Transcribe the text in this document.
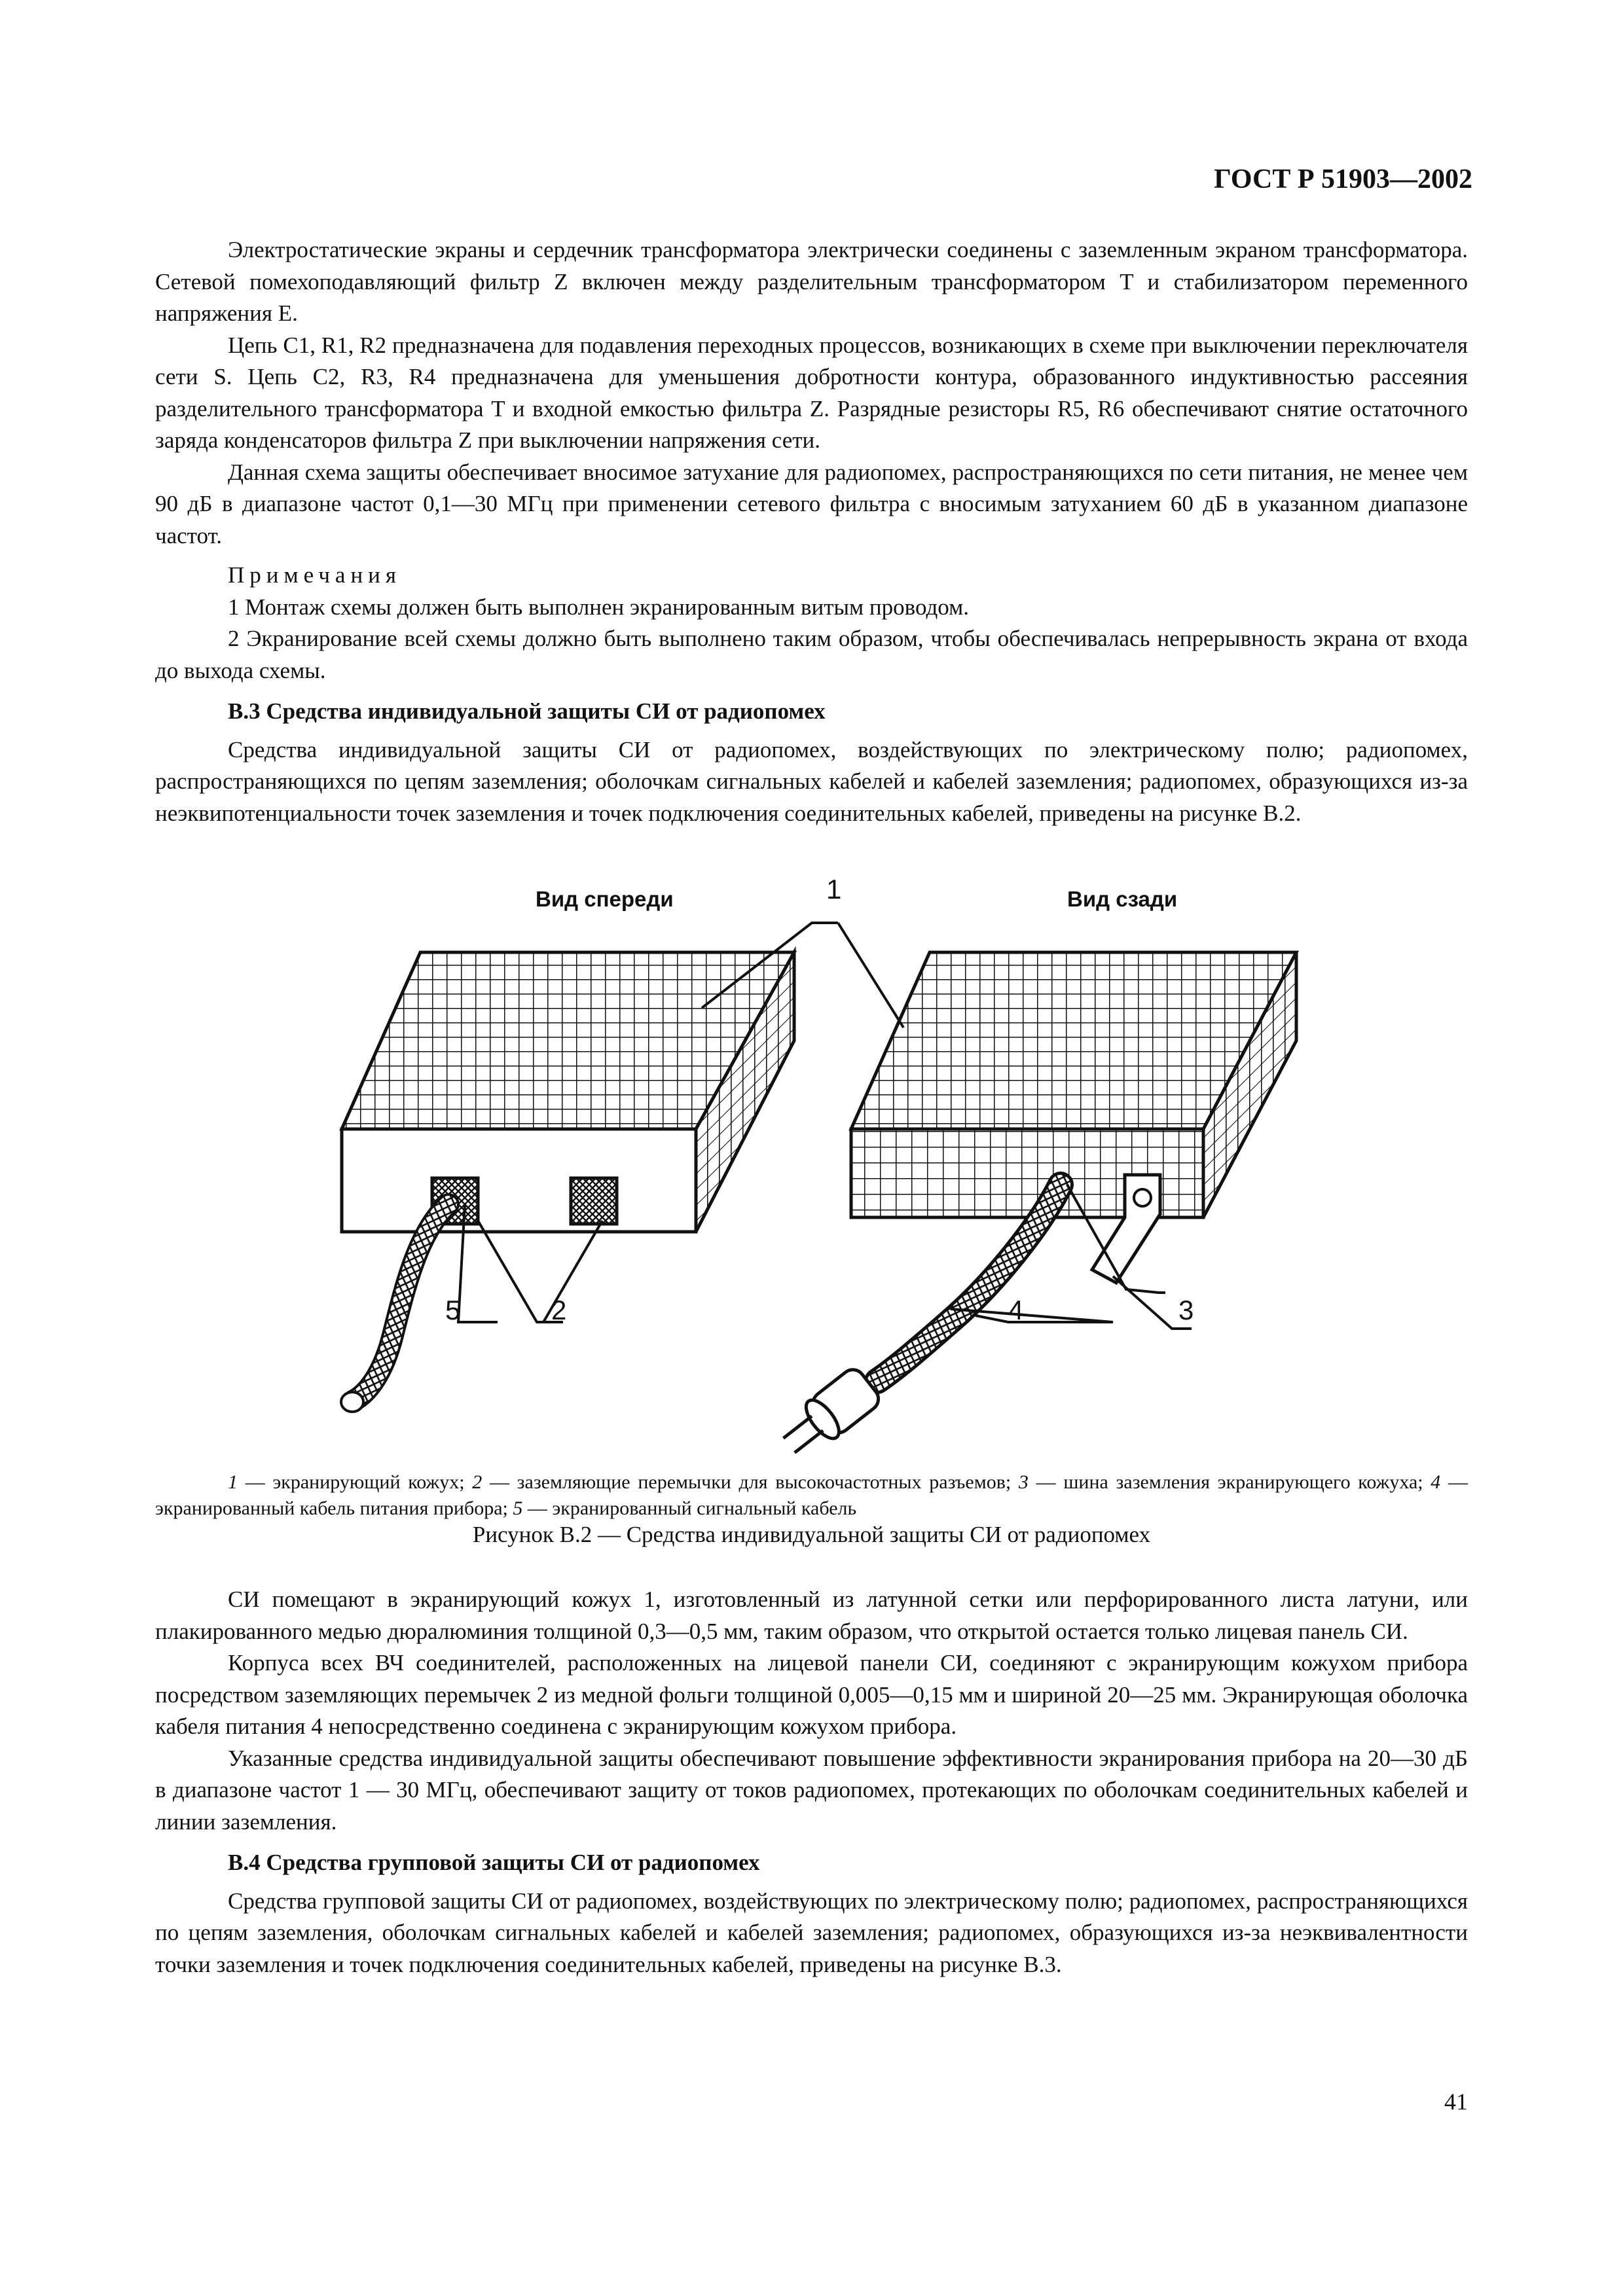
ГОСТ Р 51903—2002

Электростатические экраны и сердечник трансформатора электрически соединены с заземленным экраном трансформатора. Сетевой помехоподавляющий фильтр Z включен между разделительным трансформатором T и стабилизатором переменного напряжения E.

Цепь C1, R1, R2 предназначена для подавления переходных процессов, возникающих в схеме при выключении переключателя сети S. Цепь C2, R3, R4 предназначена для уменьшения добротности контура, образованного индуктивностью рассеяния разделительного трансформатора T и входной емкостью фильтра Z. Разрядные резисторы R5, R6 обеспечивают снятие остаточного заряда конденсаторов фильтра Z при выключении напряжения сети.

Данная схема защиты обеспечивает вносимое затухание для радиопомех, распространяющихся по сети питания, не менее чем 90 дБ в диапазоне частот 0,1—30 МГц при применении сетевого фильтра с вносимым затуханием 60 дБ в указанном диапазоне частот.

Примечания

1 Монтаж схемы должен быть выполнен экранированным витым проводом.

2 Экранирование всей схемы должно быть выполнено таким образом, чтобы обеспечивалась непрерывность экрана от входа до выхода схемы.

В.3 Средства индивидуальной защиты СИ от радиопомех

Средства индивидуальной защиты СИ от радиопомех, воздействующих по электрическому полю; радиопомех, распространяющихся по цепям заземления; оболочкам сигнальных кабелей и кабелей заземления; радиопомех, образующихся из-за неэквипотенциальности точек заземления и точек подключения соединительных кабелей, приведены на рисунке В.2.

Вид спереди	Вид сзади
1
5	2	4	3
1 — экранирующий кожух; 2 — заземляющие перемычки для высокочастотных разъемов; 3 — шина заземления экранирующего кожуха; 4 — экранированный кабель питания прибора; 5 — экранированный сигнальный кабель
Рисунок В.2 — Средства индивидуальной защиты СИ от радиопомех

СИ помещают в экранирующий кожух 1, изготовленный из латунной сетки или перфорированного листа латуни, или плакированного медью дюралюминия толщиной 0,3—0,5 мм, таким образом, что открытой остается только лицевая панель СИ.

Корпуса всех ВЧ соединителей, расположенных на лицевой панели СИ, соединяют с экранирующим кожухом прибора посредством заземляющих перемычек 2 из медной фольги толщиной 0,005—0,15 мм и шириной 20—25 мм. Экранирующая оболочка кабеля питания 4 непосредственно соединена с экранирующим кожухом прибора.

Указанные средства индивидуальной защиты обеспечивают повышение эффективности экранирования прибора на 20—30 дБ в диапазоне частот 1 — 30 МГц, обеспечивают защиту от токов радиопомех, протекающих по оболочкам соединительных кабелей и линии заземления.

В.4 Средства групповой защиты СИ от радиопомех

Средства групповой защиты СИ от радиопомех, воздействующих по электрическому полю; радиопомех, распространяющихся по цепям заземления, оболочкам сигнальных кабелей и кабелей заземления; радиопомех, образующихся из-за неэквивалентности точки заземления и точек подключения соединительных кабелей, приведены на рисунке В.3.

41
